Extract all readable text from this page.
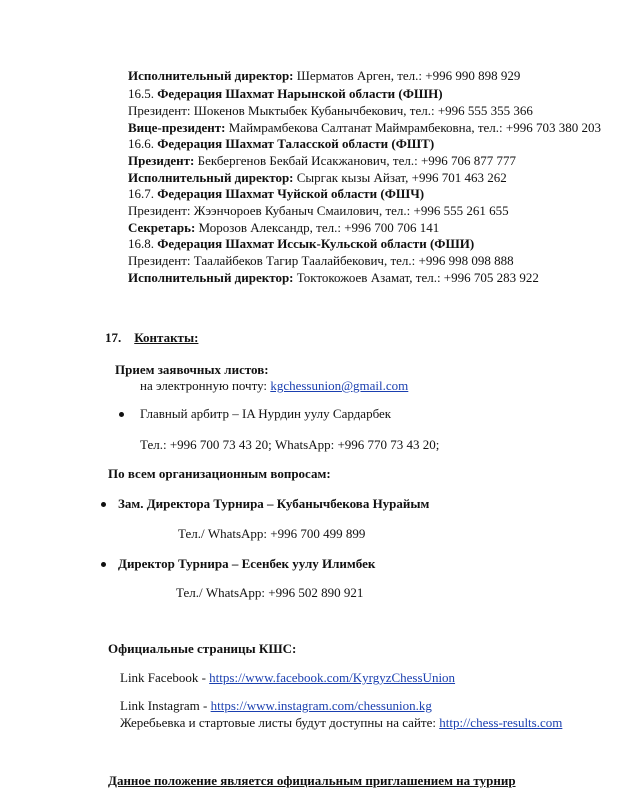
Исполнительный директор: Шерматов Арген, тел.: +996 990 898 929
16.5. Федерация Шахмат Нарынской области (ФШН)
Президент: Шокенов Мыктыбек Кубанычбекович, тел.: +996 555 355 366
Вице-президент: Маймрамбекова Салтанат Маймрамбековна, тел.: +996 703 380 203
16.6. Федерация Шахмат Таласской области (ФШТ)
Президент: Бекбергенов Бекбай Исакжанович, тел.: +996 706 877 777
Исполнительный директор: Сыргак кызы Айзат, +996 701 463 262
16.7. Федерация Шахмат Чуйской области (ФШЧ)
Президент: Жээнчороев Кубаныч Смаилович, тел.: +996 555 261 655
Секретарь: Морозов Александр, тел.: +996 700 706 141
16.8. Федерация Шахмат Иссык-Кульской области (ФШИ)
Президент: Таалайбеков Тагир Таалайбекович, тел.: +996 998 098 888
Исполнительный директор: Токтокожоев Азамат, тел.: +996 705 283 922
17. Контакты:
Прием заявочных листов:
на электронную почту: kgchessunion@gmail.com
Главный арбитр – IA Нурдин уулу Сардарбек
Тел.: +996 700 73 43 20; WhatsApp: +996 770 73 43 20;
По всем организационным вопросам:
Зам. Директора Турнира – Кубанычбекова Нурайым
Тел./ WhatsApp: +996 700 499 899
Директор Турнира – Есенбек уулу Илимбек
Тел./ WhatsApp: +996 502 890 921
Официальные страницы КШС:
Link Facebook - https://www.facebook.com/KyrgyzChessUnion
Link Instagram - https://www.instagram.com/chessunion.kg
Жеребьевка и стартовые листы будут доступны на сайте: http://chess-results.com
Данное положение является официальным приглашением на турнир
